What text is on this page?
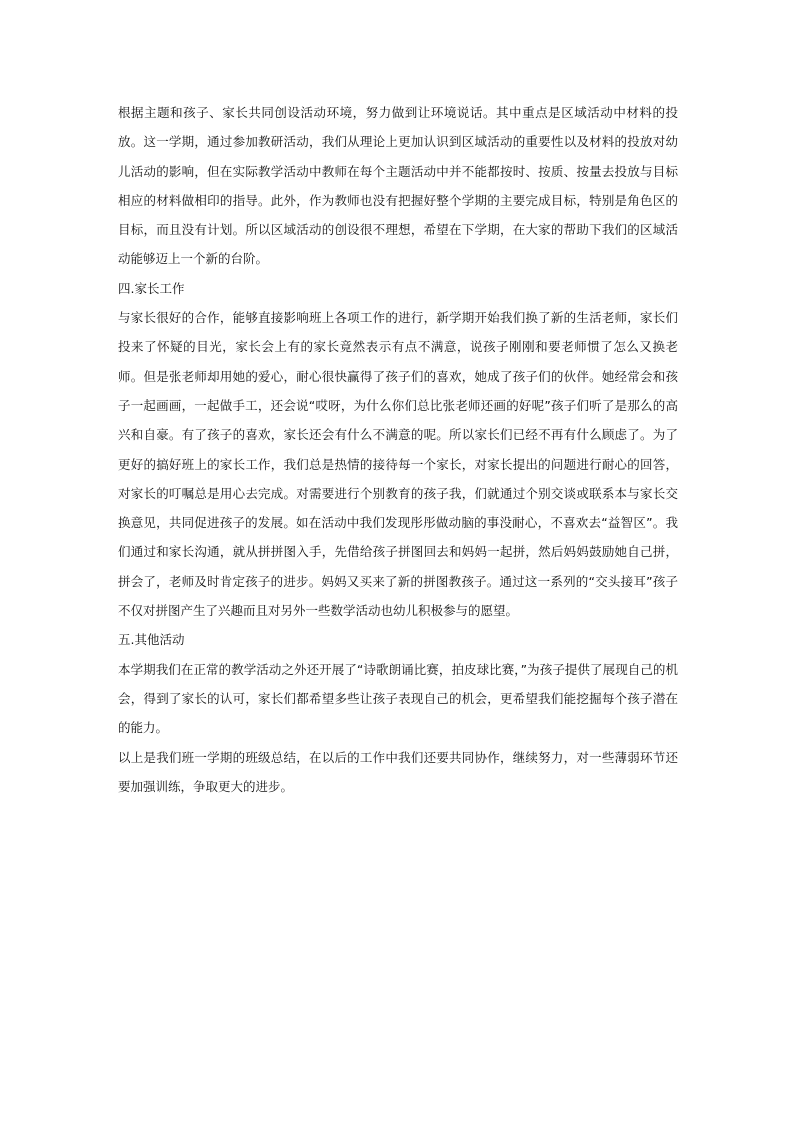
根据主题和孩子、家长共同创设活动环境，努力做到让环境说话。其中重点是区域活动中材料的投放。这一学期，通过参加教研活动，我们从理论上更加认识到区域活动的重要性以及材料的投放对幼儿活动的影响，但在实际教学活动中教师在每个主题活动中并不能都按时、按质、按量去投放与目标相应的材料做相印的指导。此外，作为教师也没有把握好整个学期的主要完成目标，特别是角色区的目标，而且没有计划。所以区域活动的创设很不理想，希望在下学期，在大家的帮助下我们的区域活动能够迈上一个新的台阶。

四.家长工作

与家长很好的合作，能够直接影响班上各项工作的进行，新学期开始我们换了新的生活老师，家长们投来了怀疑的目光，家长会上有的家长竟然表示有点不满意，说孩子刚刚和要老师惯了怎么又换老师。但是张老师却用她的爱心，耐心很快赢得了孩子们的喜欢，她成了孩子们的伙伴。她经常会和孩子一起画画，一起做手工，还会说“哎呀，为什么你们总比张老师还画的好呢”孩子们听了是那么的高兴和自豪。有了孩子的喜欢，家长还会有什么不满意的呢。所以家长们已经不再有什么顾虑了。为了更好的搞好班上的家长工作，我们总是热情的接待每一个家长，对家长提出的问题进行耐心的回答，对家长的叮嘱总是用心去完成。对需要进行个别教育的孩子我，们就通过个别交谈或联系本与家长交换意见，共同促进孩子的发展。如在活动中我们发现彤彤做动脑的事没耐心，不喜欢去“益智区”。我们通过和家长沟通，就从拼拼图入手，先借给孩子拼图回去和妈妈一起拼，然后妈妈鼓励她自己拼，拼会了，老师及时肯定孩子的进步。妈妈又买来了新的拼图教孩子。通过这一系列的“交头接耳”孩子不仅对拼图产生了兴趣而且对另外一些数学活动也幼儿积极参与的愿望。

五.其他活动

本学期我们在正常的教学活动之外还开展了“诗歌朗诵比赛，拍皮球比赛，”为孩子提供了展现自己的机会，得到了家长的认可，家长们都希望多些让孩子表现自己的机会，更希望我们能挖掘每个孩子潜在的能力。

以上是我们班一学期的班级总结，在以后的工作中我们还要共同协作，继续努力，对一些薄弱环节还要加强训练，争取更大的进步。
